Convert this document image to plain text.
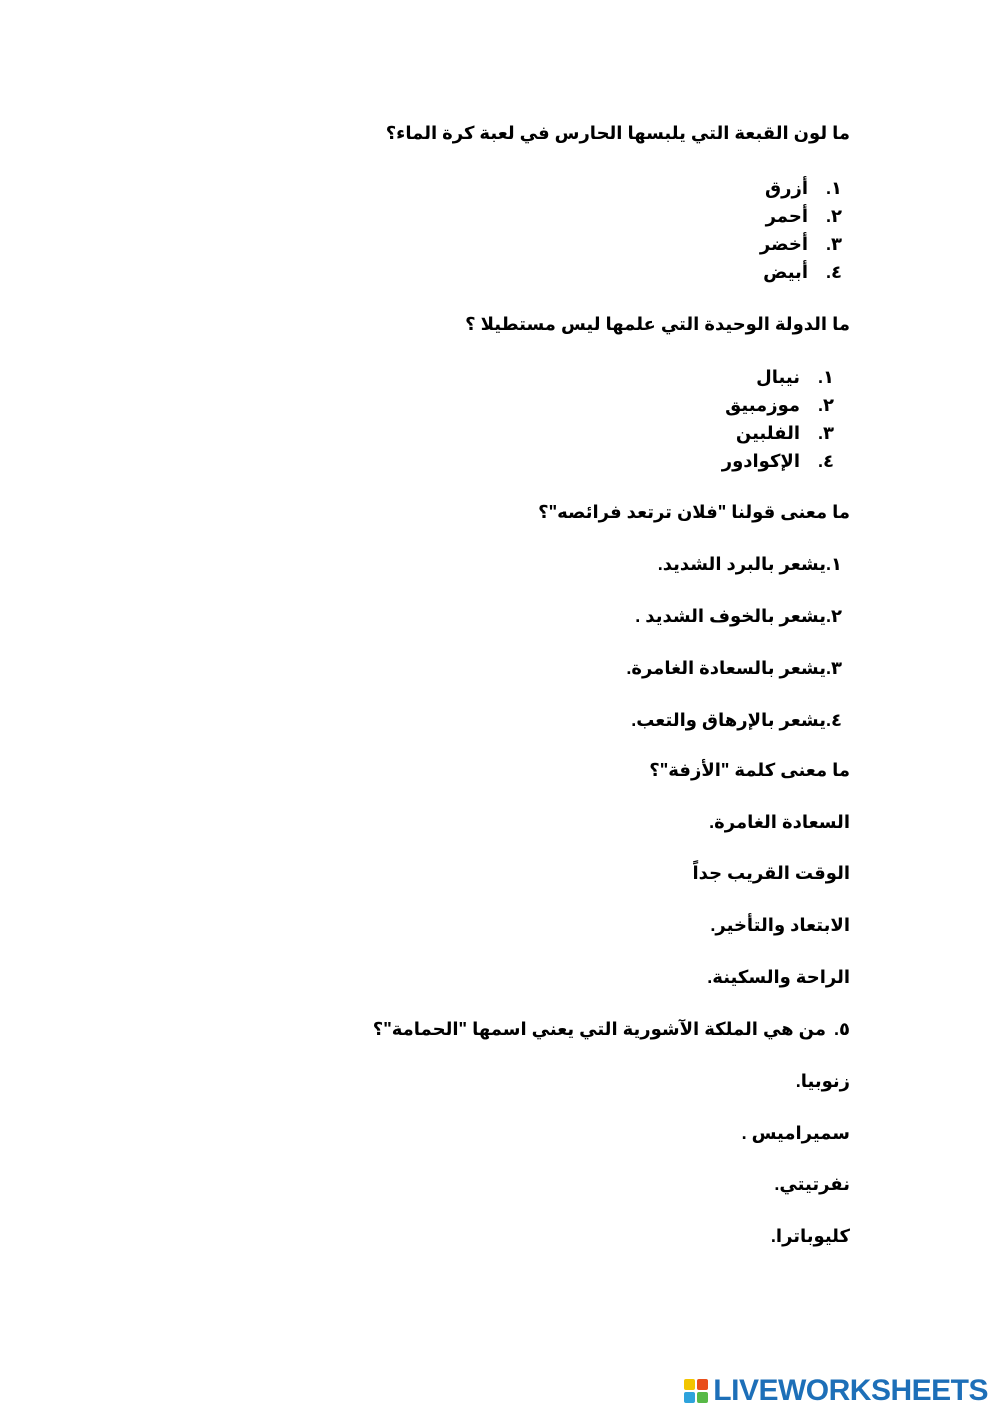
ما لون القبعة التي يلبسها الحارس في لعبة كرة الماء؟
١.
أزرق
٢.
أحمر
٣.
أخضر
٤.
أبيض
ما الدولة الوحيدة التي علمها ليس مستطيلا ؟
١.
نيبال
٢.
موزمبيق
٣.
الفلبين
٤.
الإكوادور
ما معنى قولنا "فلان ترتعد فرائصه"؟
١.
يشعر بالبرد الشديد.
٢.
يشعر بالخوف الشديد .
٣.
يشعر بالسعادة الغامرة.
٤.
يشعر بالإرهاق والتعب.
ما معنى كلمة "الأزفة"؟
السعادة الغامرة.
الوقت القريب جداً
الابتعاد والتأخير.
الراحة والسكينة.
٥.
من هي الملكة الآشورية التي يعني اسمها "الحمامة"؟
زنوبيا.
سميراميس .
نفرتيتي.
كليوباترا.
LIVEWORKSHEETS
